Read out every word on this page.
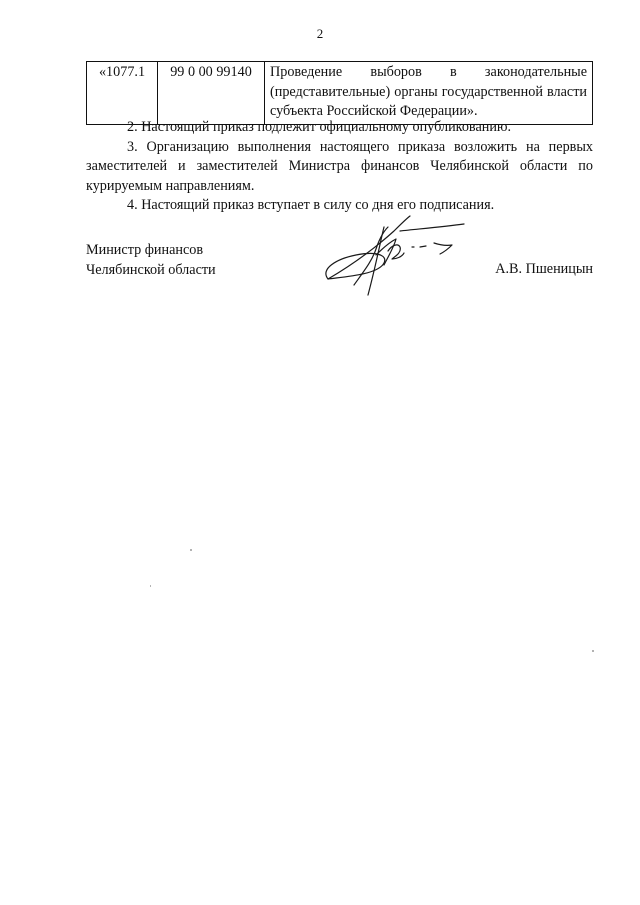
2
«1077.1	99 0 00 99140	Проведение выборов в законодательные (представительные) органы государственной власти субъекта Российской Федерации».

2. Настоящий приказ подлежит официальному опубликованию.

3. Организацию выполнения настоящего приказа возложить на первых заместителей и заместителей Министра финансов Челябинской области по курируемым направлениям.

4. Настоящий приказ вступает в силу со дня его подписания.

Министр финансов
Челябинской области	А.В. Пшеницын
